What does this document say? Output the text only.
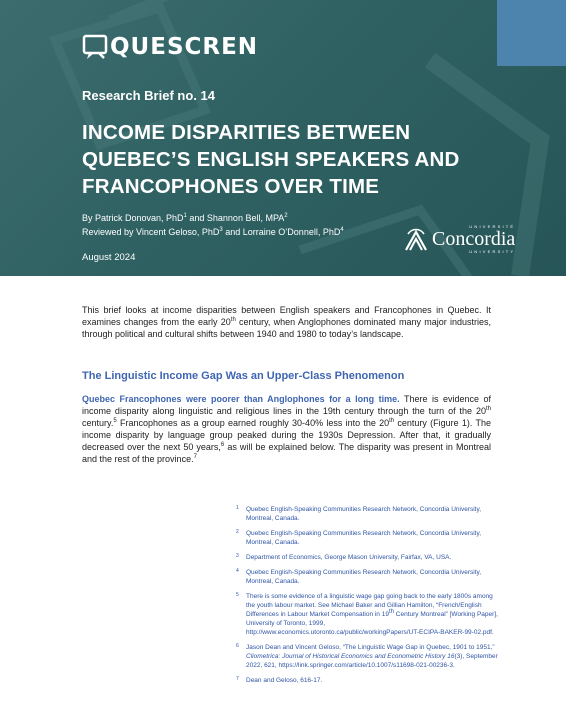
QUESCREN
Research Brief no. 14
INCOME DISPARITIES BETWEEN
QUEBEC’S ENGLISH SPEAKERS AND
FRANCOPHONES OVER TIME
By Patrick Donovan, PhD$^1$ and Shannon Bell, MPA$^2$
Reviewed by Vincent Geloso, PhD$^3$ and Lorraine O’Donnell, PhD$^4$
August 2024
UNIVERSITÉ
Concordia
UNIVERSITY

This brief looks at income disparities between English speakers and Francophones in Quebec. It examines changes from the early 20th century, when Anglophones dominated many major industries, through political and cultural shifts between 1940 and 1980 to today’s landscape.

The Linguistic Income Gap Was an Upper-Class Phenomenon

Quebec Francophones were poorer than Anglophones for a long time. There is evidence of income disparity along linguistic and religious lines in the 19th century through the turn of the 20th century.$^5$ Francophones as a group earned roughly 30-40% less into the 20th century (Figure 1). The income disparity by language group peaked during the 1930s Depression. After that, it gradually decreased over the next 50 years,$^6$ as will be explained below. The disparity was present in Montreal and the rest of the province.$^7$

1 Quebec English-Speaking Communities Research Network, Concordia University, Montreal, Canada.
2 Quebec English-Speaking Communities Research Network, Concordia University, Montreal, Canada.
3 Department of Economics, George Mason University, Fairfax, VA, USA.
4 Quebec English-Speaking Communities Research Network, Concordia University, Montreal, Canada.
5 There is some evidence of a linguistic wage gap going back to the early 1800s among the youth labour market. See Michael Baker and Gillian Hamilton, “French/English Differences in Labour Market Compensation in 19th Century Montreal” [Working Paper], University of Toronto, 1999, http://www.economics.utoronto.ca/public/workingPapers/UT-ECIPA-BAKER-99-02.pdf.
6 Jason Dean and Vincent Geloso, “The Linguistic Wage Gap in Quebec, 1901 to 1951,” Cliometrica: Journal of Historical Economics and Econometric History 16(3), September 2022, 621, https://link.springer.com/article/10.1007/s11698-021-00236-3.
7 Dean and Geloso, 616-17.
